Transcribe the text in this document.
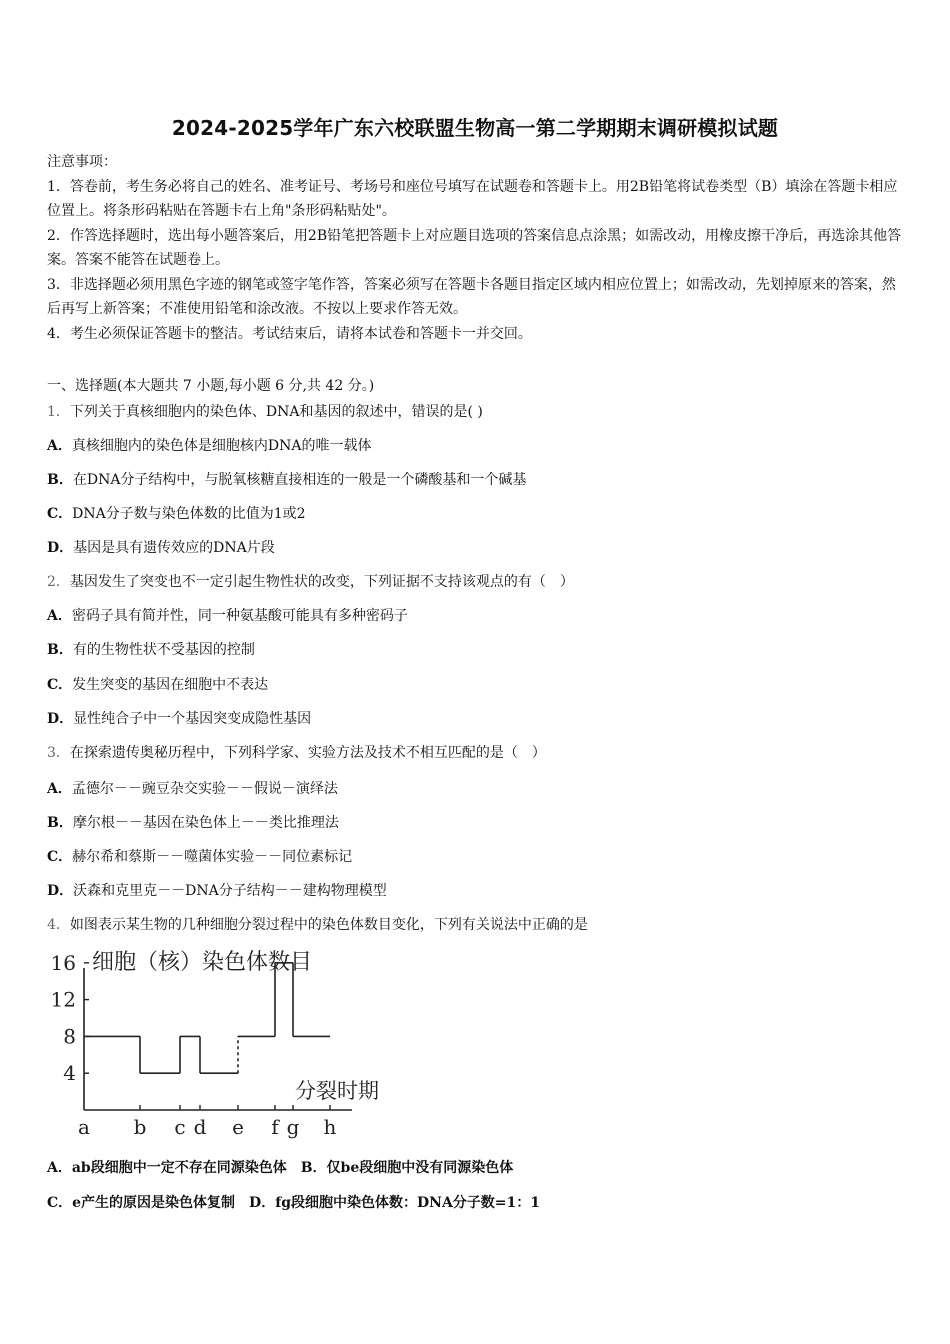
2024-2025学年广东六校联盟生物高一第二学期期末调研模拟试题

注意事项：

1．答卷前，考生务必将自己的姓名、准考证号、考场号和座位号填写在试题卷和答题卡上。用2B铅笔将试卷类型（B）填涂在答题卡相应位置上。将条形码粘贴在答题卡右上角"条形码粘贴处"。

2．作答选择题时，选出每小题答案后，用2B铅笔把答题卡上对应题目选项的答案信息点涂黑；如需改动，用橡皮擦干净后，再选涂其他答案。答案不能答在试题卷上。

3．非选择题必须用黑色字迹的钢笔或签字笔作答，答案必须写在答题卡各题目指定区域内相应位置上；如需改动，先划掉原来的答案，然后再写上新答案；不准使用铅笔和涂改液。不按以上要求作答无效。

4．考生必须保证答题卡的整洁。考试结束后，请将本试卷和答题卡一并交回。

一、选择题(本大题共 7 小题,每小题 6 分,共 42 分。)
1．下列关于真核细胞内的染色体、DNA和基因的叙述中，错误的是( )
A．真核细胞内的染色体是细胞核内DNA的唯一载体
B．在DNA分子结构中，与脱氧核糖直接相连的一般是一个磷酸基和一个碱基
C．DNA分子数与染色体数的比值为1或2
D．基因是具有遗传效应的DNA片段
2．基因发生了突变也不一定引起生物性状的改变，下列证据不支持该观点的有（　）
A．密码子具有简并性，同一种氨基酸可能具有多种密码子
B．有的生物性状不受基因的控制
C．发生突变的基因在细胞中不表达
D．显性纯合子中一个基因突变成隐性基因
3．在探索遗传奥秘历程中，下列科学家、实验方法及技术不相互匹配的是（　）
A．孟德尔－－豌豆杂交实验－－假说－演绎法
B．摩尔根－－基因在染色体上－－类比推理法
C．赫尔希和蔡斯－－噬菌体实验－－同位素标记
D．沃森和克里克－－DNA分子结构－－建构物理模型
4．如图表示某生物的几种细胞分裂过程中的染色体数目变化，下列有关说法中正确的是
细胞（核）染色体数目
分裂时期
4
8
12
16
a b c d e f g h
A．ab段细胞中一定不存在同源染色体　B．仅be段细胞中没有同源染色体
C．e产生的原因是染色体复制　D．fg段细胞中染色体数：DNA分子数=1：1
